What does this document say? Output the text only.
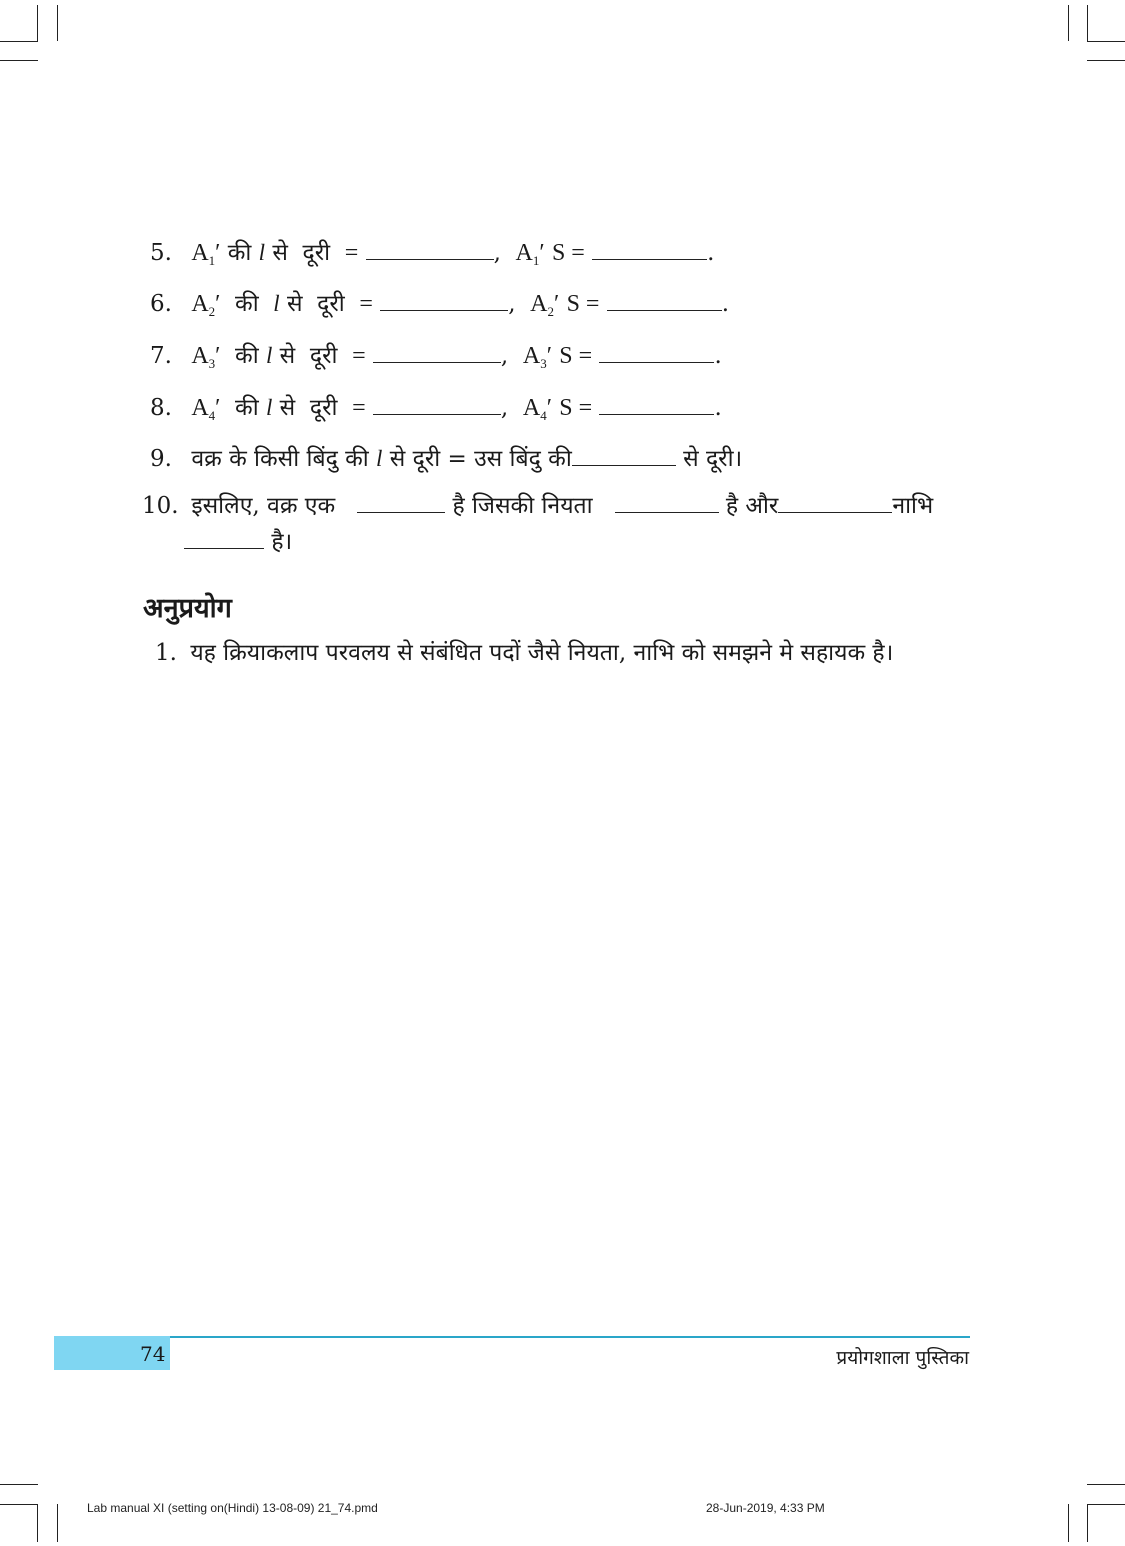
5. $A_1'$ की l से दूरी =	, $A_1'$ S =	.
6. $A_2'$ की l से दूरी =	, $A_2'$ S =	.
7. $A_3'$ की l से दूरी =	, $A_3'$ S =	.
8. $A_4'$ की l से दूरी =	, $A_4'$ S =	.
9. वक्र के किसी बिंदु की l से दूरी = उस बिंदु की	से दूरी।
10. इसलिए, वक्र एक	है जिसकी नियता	है और	नाभि
है।
अनुप्रयोग
1. यह क्रियाकलाप परवलय से संबंधित पदों जैसे नियता, नाभि को समझने मे सहायक है।
74	प्रयोगशाला पुस्तिका
Lab manual XI (setting on(Hindi) 13-08-09) 21_74.pmd	28-Jun-2019, 4:33 PM
